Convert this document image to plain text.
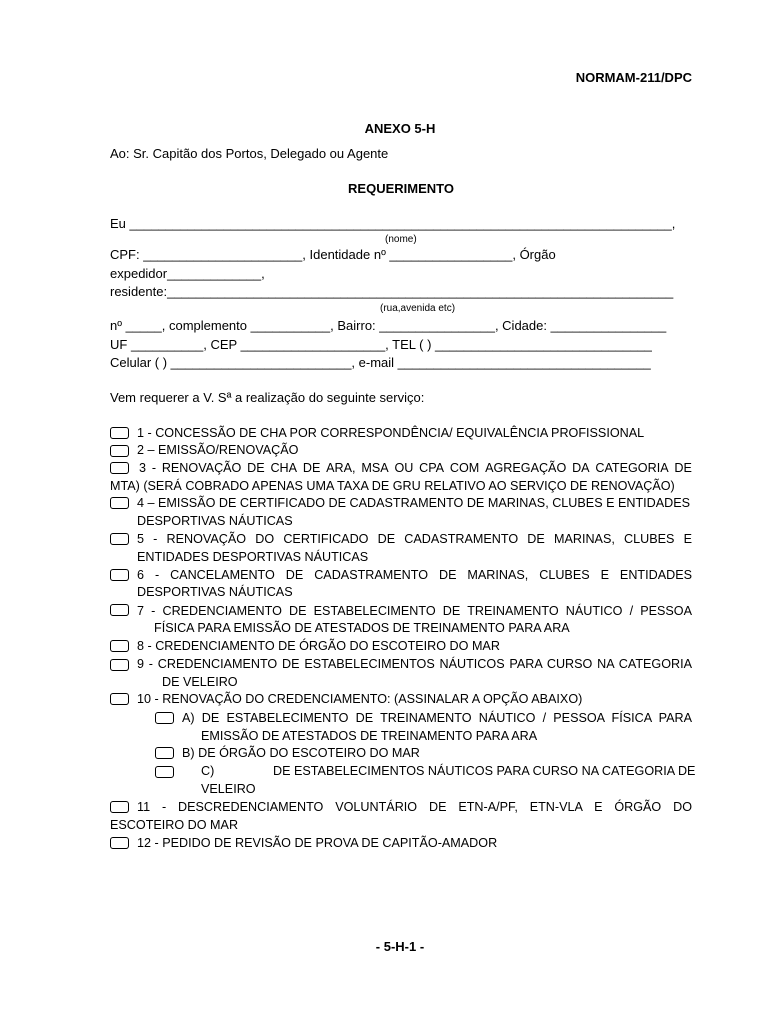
NORMAM-211/DPC
ANEXO 5-H
Ao: Sr. Capitão dos Portos, Delegado ou Agente
REQUERIMENTO
Eu ___________________________________________________________________________,
(nome)
CPF: ______________________, Identidade nº _________________, Órgão
expedidor_____________,
residente:______________________________________________________________________
(rua,avenida etc)
nº _____, complemento ___________, Bairro: ________________, Cidade: ________________
UF __________, CEP ____________________, TEL ( ) ______________________________
Celular ( ) _________________________, e-mail ___________________________________
Vem requerer a V. Sª a realização do seguinte serviço:
1 - CONCESSÃO DE CHA POR CORRESPONDÊNCIA/ EQUIVALÊNCIA PROFISSIONAL
2 – EMISSÃO/RENOVAÇÃO
3 - RENOVAÇÃO DE CHA DE ARA, MSA OU CPA COM AGREGAÇÃO DA CATEGORIA DE
MTA) (SERÁ COBRADO APENAS UMA TAXA DE GRU RELATIVO AO SERVIÇO DE RENOVAÇÃO)
4 – EMISSÃO DE CERTIFICADO DE CADASTRAMENTO DE MARINAS, CLUBES E ENTIDADES
DESPORTIVAS NÁUTICAS
5 - RENOVAÇÃO DO CERTIFICADO DE CADASTRAMENTO DE MARINAS, CLUBES E
ENTIDADES DESPORTIVAS NÁUTICAS
6 - CANCELAMENTO DE CADASTRAMENTO DE MARINAS, CLUBES E ENTIDADES
DESPORTIVAS NÁUTICAS
7 - CREDENCIAMENTO DE ESTABELECIMENTO DE TREINAMENTO NÁUTICO / PESSOA
FÍSICA PARA EMISSÃO DE ATESTADOS DE TREINAMENTO PARA ARA
8 - CREDENCIAMENTO DE ÓRGÃO DO ESCOTEIRO DO MAR
9 - CREDENCIAMENTO DE ESTABELECIMENTOS NÁUTICOS PARA CURSO NA CATEGORIA
DE VELEIRO
10 - RENOVAÇÃO DO CREDENCIAMENTO: (ASSINALAR A OPÇÃO ABAIXO)
A) DE ESTABELECIMENTO DE TREINAMENTO NÁUTICO / PESSOA FÍSICA PARA
EMISSÃO DE ATESTADOS DE TREINAMENTO PARA ARA
B) DE ÓRGÃO DO ESCOTEIRO DO MAR
C)	DE ESTABELECIMENTOS NÁUTICOS PARA CURSO NA CATEGORIA DE
VELEIRO
11 - DESCREDENCIAMENTO VOLUNTÁRIO DE ETN-A/PF, ETN-VLA E ÓRGÃO DO
ESCOTEIRO DO MAR
12 - PEDIDO DE REVISÃO DE PROVA DE CAPITÃO-AMADOR
- 5-H-1 -
